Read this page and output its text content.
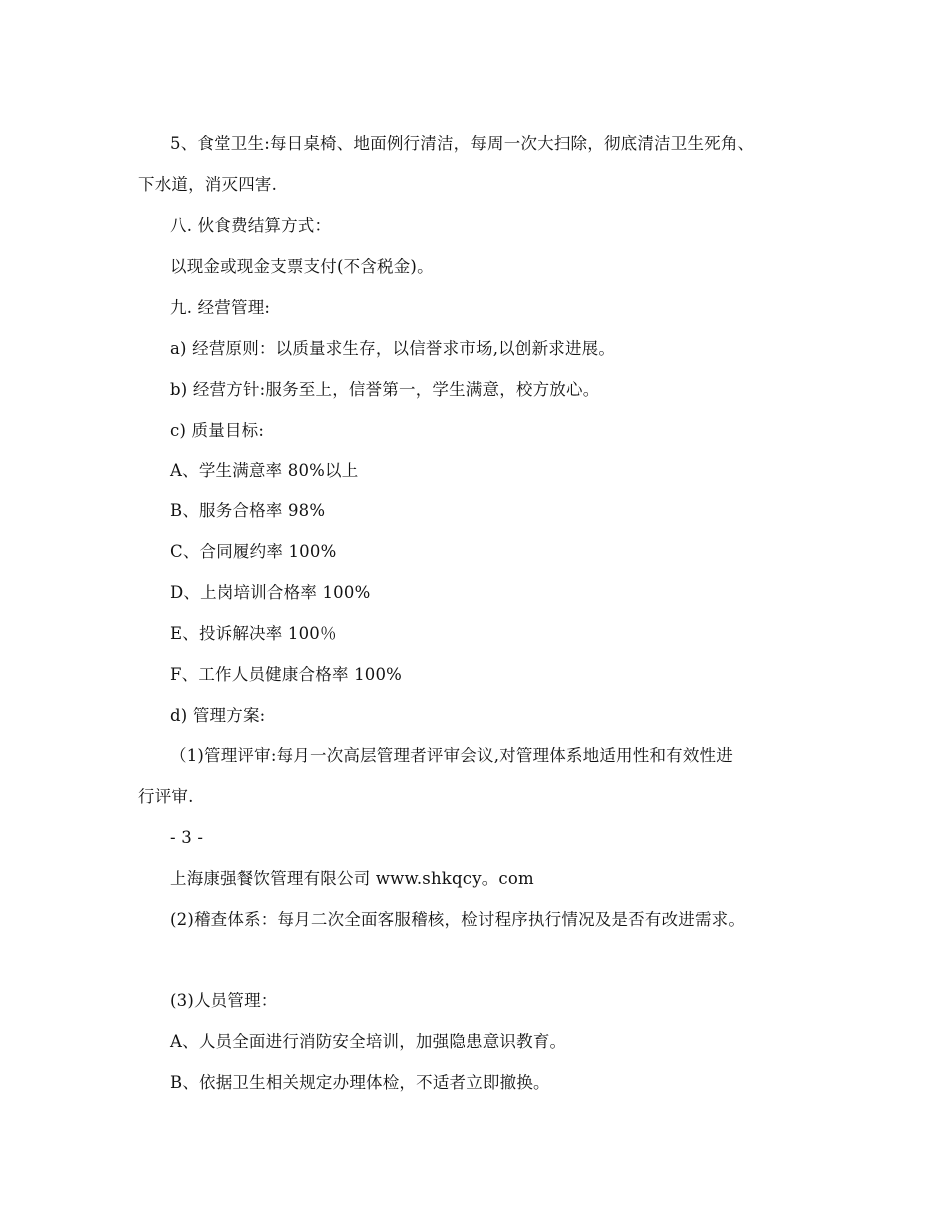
5、食堂卫生:每日桌椅、地面例行清洁，每周一次大扫除，彻底清洁卫生死角、
下水道，消灭四害.
八. 伙食费结算方式：
以现金或现金支票支付(不含税金)。
九. 经营管理:
a) 经营原则：以质量求生存，以信誉求市场,以创新求进展。
b) 经营方针:服务至上，信誉第一，学生满意，校方放心。
c) 质量目标:
A、学生满意率 80%以上
B、服务合格率 98%
C、合同履约率 100%
D、上岗培训合格率 100%
E、投诉解决率 100％
F、工作人员健康合格率 100%
d) 管理方案:
（1)管理评审:每月一次高层管理者评审会议,对管理体系地适用性和有效性进
行评审.
- 3 -
上海康强餐饮管理有限公司 www.shkqcy。com
(2)稽查体系：每月二次全面客服稽核，检讨程序执行情况及是否有改进需求。
(3)人员管理：
A、人员全面进行消防安全培训，加强隐患意识教育。
B、依据卫生相关规定办理体检，不适者立即撤换。
